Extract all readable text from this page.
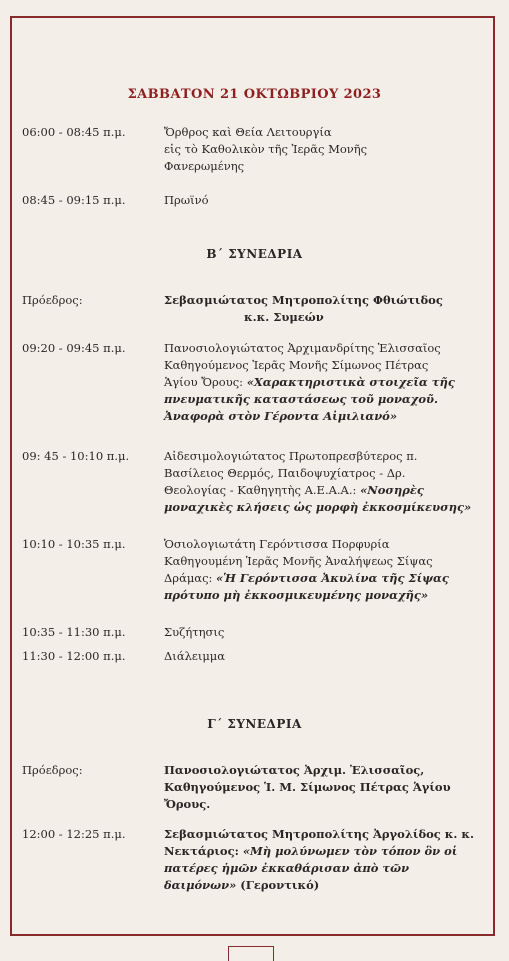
ΣΑΒΒΑΤΟΝ 21 ΟΚΤΩΒΡΙΟΥ 2023
06:00 - 08:45 π.μ.	Ὄρθρος καὶ Θεία Λειτουργία
εἰς τὸ Καθολικὸν τῆς Ἱερᾶς Μονῆς
Φανερωμένης
08:45 - 09:15 π.μ.	Πρωϊνό
Β΄ ΣΥΝΕΔΡΙΑ
Πρόεδρος:	Σεβασμιώτατος Μητροπολίτης Φθιώτιδος
κ.κ. Συμεών
09:20 - 09:45 π.μ.	Πανοσιολογιώτατος Ἀρχιμανδρίτης Ἐλισσαῖος
Καθηγούμενος Ἱερᾶς Μονῆς Σίμωνος Πέτρας
Ἁγίου Ὄρους: «Χαρακτηριστικὰ στοιχεῖα τῆς
πνευματικῆς καταστάσεως τοῦ μοναχοῦ.
Ἀναφορὰ στὸν Γέροντα Αἰμιλιανό»
09: 45 - 10:10 π.μ.	Αἰδεσιμολογιώτατος Πρωτοπρεσβύτερος π.
Βασίλειος Θερμός, Παιδοψυχίατρος - Δρ.
Θεολογίας - Καθηγητὴς Α.Ε.Α.Α.: «Νοσηρὲς
μοναχικὲς κλήσεις ὡς μορφὴ ἐκκοσμίκευσης»
10:10 - 10:35 π.μ.	Ὁσιολογιωτάτη Γερόντισσα Πορφυρία
Καθηγουμένη Ἱερᾶς Μονῆς Ἀναλήψεως Σίψας
Δράμας: «Ἡ Γερόντισσα Ἀκυλίνα τῆς Σίψας
πρότυπο μὴ ἐκκοσμικευμένης μοναχῆς»
10:35 - 11:30 π.μ.	Συζήτησις
11:30 - 12:00 π.μ.	Διάλειμμα
Γ΄ ΣΥΝΕΔΡΙΑ
Πρόεδρος:	Πανοσιολογιώτατος Ἀρχιμ. Ἐλισσαῖος,
Καθηγούμενος Ἱ. Μ. Σίμωνος Πέτρας Ἁγίου
Ὄρους.
12:00 - 12:25 π.μ.	Σεβασμιώτατος Μητροπολίτης Ἀργολίδος κ. κ.
Νεκτάριος: «Μὴ μολύνωμεν τὸν τόπον ὃν οἱ
πατέρες ἡμῶν ἐκκαθάρισαν ἀπὸ τῶν
δαιμόνων» (Γεροντικό)
